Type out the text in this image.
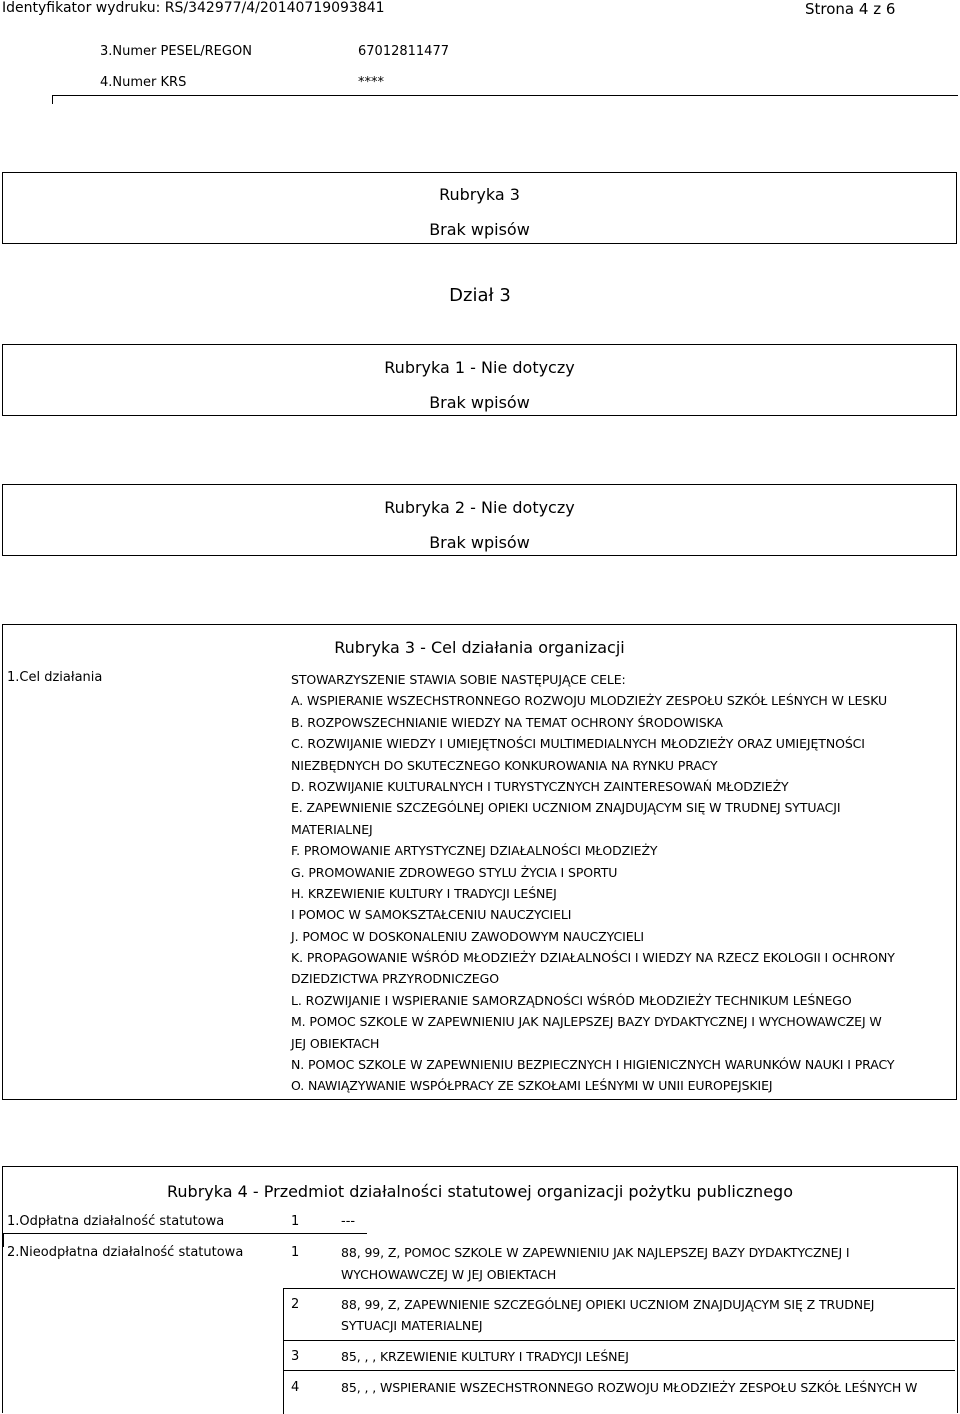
Identyfikator wydruku: RS/342977/4/20140719093841	Strona 4 z 6
3.Numer PESEL/REGON	67012811477
4.Numer KRS	****
Rubryka 3
Brak wpisów
Dział 3
Rubryka 1 - Nie dotyczy
Brak wpisów
Rubryka 2 - Nie dotyczy
Brak wpisów
Rubryka 3 - Cel działania organizacji
1.Cel działania	STOWARZYSZENIE STAWIA SOBIE NASTĘPUJĄCE CELE:
A. WSPIERANIE WSZECHSTRONNEGO ROZWOJU MLODZIEŻY ZESPOŁU SZKÓŁ LEŚNYCH W LESKU
B. ROZPOWSZECHNIANIE WIEDZY NA TEMAT OCHRONY ŚRODOWISKA
C. ROZWIJANIE WIEDZY I UMIEJĘTNOŚCI MULTIMEDIALNYCH MŁODZIEŻY ORAZ UMIEJĘTNOŚCI
NIEZBĘDNYCH DO SKUTECZNEGO KONKUROWANIA NA RYNKU PRACY
D. ROZWIJANIE KULTURALNYCH I TURYSTYCZNYCH ZAINTERESOWAŃ MŁODZIEŻY
E. ZAPEWNIENIE SZCZEGÓLNEJ OPIEKI UCZNIOM ZNAJDUJĄCYM SIĘ W TRUDNEJ SYTUACJI
MATERIALNEJ
F. PROMOWANIE ARTYSTYCZNEJ DZIAŁALNOŚCI MŁODZIEŻY
G. PROMOWANIE ZDROWEGO STYLU ŻYCIA I SPORTU
H. KRZEWIENIE KULTURY I TRADYCJI LEŚNEJ
I POMOC W SAMOKSZTAŁCENIU NAUCZYCIELI
J. POMOC W DOSKONALENIU ZAWODOWYM NAUCZYCIELI
K. PROPAGOWANIE WŚRÓD MŁODZIEŻY DZIAŁALNOŚCI I WIEDZY NA RZECZ EKOLOGII I OCHRONY
DZIEDZICTWA PRZYRODNICZEGO
L. ROZWIJANIE I WSPIERANIE SAMORZĄDNOŚCI WŚRÓD MŁODZIEŻY TECHNIKUM LEŚNEGO
M. POMOC SZKOLE W ZAPEWNIENIU JAK NAJLEPSZEJ BAZY DYDAKTYCZNEJ I WYCHOWAWCZEJ W
JEJ OBIEKTACH
N. POMOC SZKOLE W ZAPEWNIENIU BEZPIECZNYCH I HIGIENICZNYCH WARUNKÓW NAUKI I PRACY
O. NAWIĄZYWANIE WSPÓŁPRACY ZE SZKOŁAMI LEŚNYMI W UNII EUROPEJSKIEJ
Rubryka 4 - Przedmiot działalności statutowej organizacji pożytku publicznego
1.Odpłatna działalność statutowa	1	---
2.Nieodpłatna działalność statutowa	1	88, 99, Z, POMOC SZKOLE W ZAPEWNIENIU JAK NAJLEPSZEJ BAZY DYDAKTYCZNEJ I
WYCHOWAWCZEJ W JEJ OBIEKTACH
2	88, 99, Z, ZAPEWNIENIE SZCZEGÓLNEJ OPIEKI UCZNIOM ZNAJDUJĄCYM SIĘ Z TRUDNEJ
SYTUACJI MATERIALNEJ
3	85, , , KRZEWIENIE KULTURY I TRADYCJI LEŚNEJ
4	85, , , WSPIERANIE WSZECHSTRONNEGO ROZWOJU MŁODZIEŻY ZESPOŁU SZKÓŁ LEŚNYCH W
